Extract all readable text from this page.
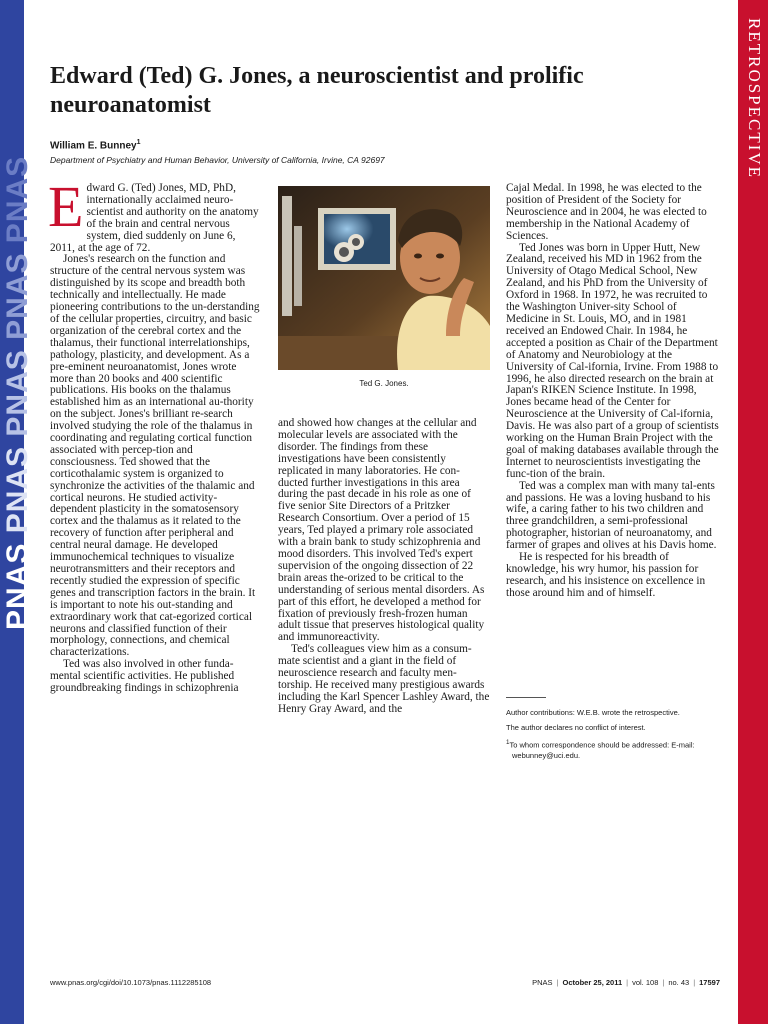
PNAS PNAS PNAS PNAS PNAS
RETROSPECTIVE
Edward (Ted) G. Jones, a neuroscientist and prolific neuroanatomist
William E. Bunney$^1$
Department of Psychiatry and Human Behavior, University of California, Irvine, CA 92697

Edward G. (Ted) Jones, MD, PhD, internationally acclaimed neuro-scientist and authority on the anatomy of the brain and central nervous system, died suddenly on June 6, 2011, at the age of 72.

Jones's research on the function and structure of the central nervous system was distinguished by its scope and breadth both technically and intellectually. He made pioneering contributions to the un-derstanding of the cellular properties, circuitry, and basic organization of the cerebral cortex and the thalamus, their functional interrelationships, pathology, plasticity, and development. As a pre-eminent neuroanatomist, Jones wrote more than 20 books and 400 scientific publications. His books on the thalamus established him as an international au-thority on the subject. Jones's brilliant re-search involved studying the role of the thalamus in coordinating and regulating cortical function associated with percep-tion and consciousness. Ted showed that the corticothalamic system is organized to synchronize the activities of the thalamic and cortical neurons. He studied activity-dependent plasticity in the somatosensory cortex and the thalamus as it related to the recovery of function after peripheral and central neural damage. He developed immunochemical techniques to visualize neurotransmitters and their receptors and recently studied the expression of specific genes and transcription factors in the brain. It is important to note his out-standing and extraordinary work that cat-egorized cortical neurons and classified function of their morphology, connections, and chemical characterizations.

Ted was also involved in other funda-mental scientific activities. He published groundbreaking findings in schizophrenia

Ted G. Jones.

and showed how changes at the cellular and molecular levels are associated with the disorder. The findings from these investigations have been consistently replicated in many laboratories. He con-ducted further investigations in this area during the past decade in his role as one of five senior Site Directors of a Pritzker Research Consortium. Over a period of 15 years, Ted played a primary role associated with a brain bank to study schizophrenia and mood disorders. This involved Ted's expert supervision of the ongoing dissection of 22 brain areas the-orized to be critical to the understanding of serious mental disorders. As part of this effort, he developed a method for fixation of previously fresh-frozen human adult tissue that preserves histological quality and immunoreactivity.

Ted's colleagues view him as a consum-mate scientist and a giant in the field of neuroscience research and faculty men-torship. He received many prestigious awards including the Karl Spencer Lashley Award, the Henry Gray Award, and the

Cajal Medal. In 1998, he was elected to the position of President of the Society for Neuroscience and in 2004, he was elected to membership in the National Academy of Sciences.

Ted Jones was born in Upper Hutt, New Zealand, received his MD in 1962 from the University of Otago Medical School, New Zealand, and his PhD from the University of Oxford in 1968. In 1972, he was recruited to the Washington Univer-sity School of Medicine in St. Louis, MO, and in 1981 received an Endowed Chair. In 1984, he accepted a position as Chair of the Department of Anatomy and Neurobiology at the University of Cal-ifornia, Irvine. From 1988 to 1996, he also directed research on the brain at Japan's RIKEN Science Institute. In 1998, Jones became head of the Center for Neuroscience at the University of Cal-ifornia, Davis. He was also part of a group of scientists working on the Human Brain Project with the goal of making databases available through the Internet to neuroscientists investigating the func-tion of the brain.

Ted was a complex man with many tal-ents and passions. He was a loving husband to his wife, a caring father to his two children and three grandchildren, a semi-professional photographer, historian of neuroanatomy, and farmer of grapes and olives at his Davis home.

He is respected for his breadth of knowledge, his wry humor, his passion for research, and his insistence on excellence in those around him and of himself.

Author contributions: W.E.B. wrote the retrospective.

The author declares no conflict of interest.

$^1$To whom correspondence should be addressed: E-mail:
webunney@uci.edu.

www.pnas.org/cgi/doi/10.1073/pnas.1112285108	PNAS | October 25, 2011 | vol. 108 | no. 43 | 17597
